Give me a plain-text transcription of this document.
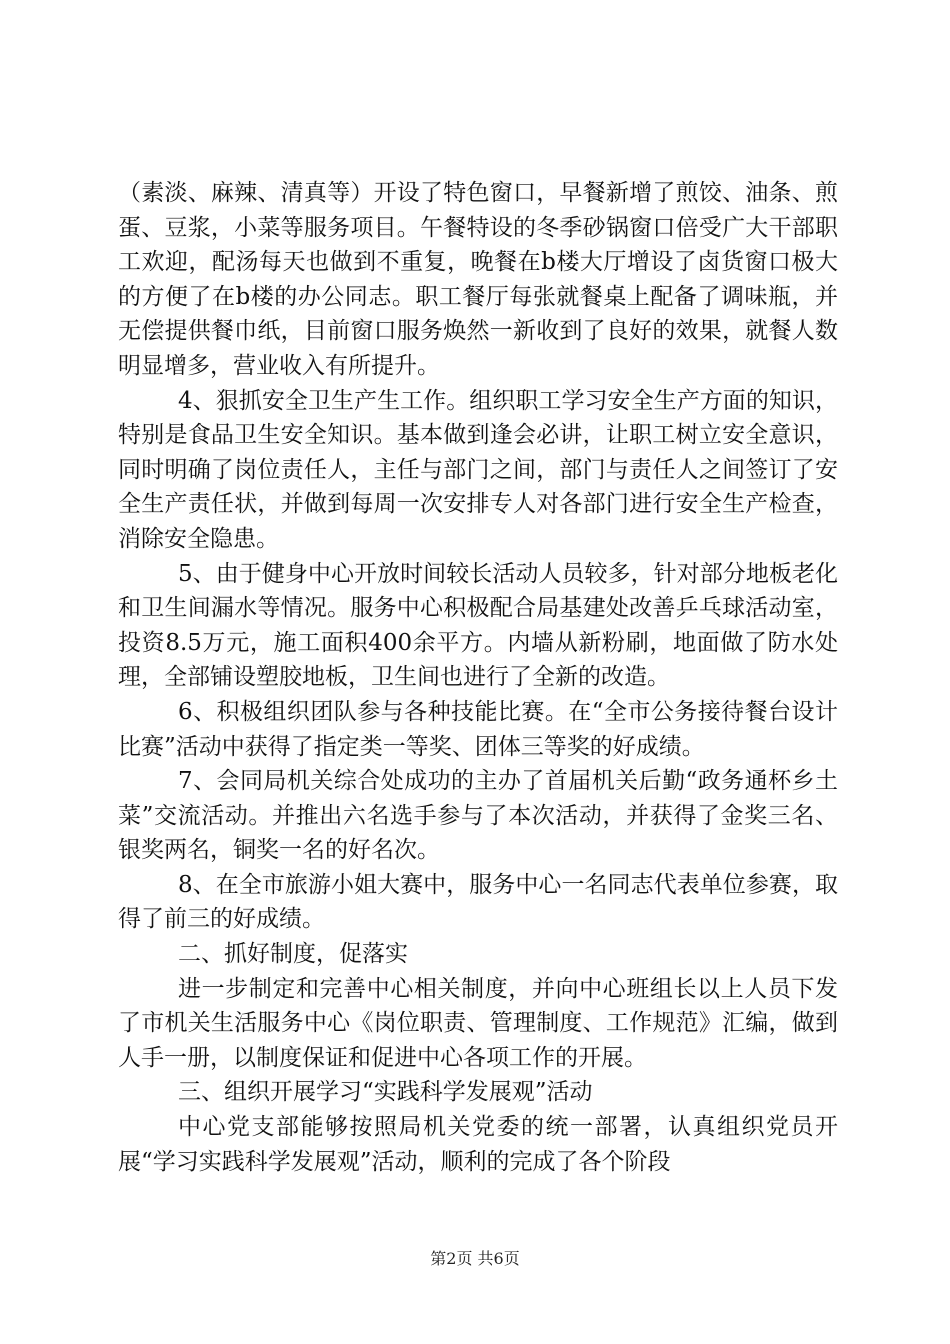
（素淡、麻辣、清真等）开设了特色窗口，早餐新增了煎饺、油条、煎蛋、豆浆，小菜等服务项目。午餐特设的冬季砂锅窗口倍受广大干部职工欢迎，配汤每天也做到不重复，晚餐在b楼大厅增设了卤货窗口极大的方便了在b楼的办公同志。职工餐厅每张就餐桌上配备了调味瓶，并无偿提供餐巾纸，目前窗口服务焕然一新收到了良好的效果，就餐人数明显增多，营业收入有所提升。

4、狠抓安全卫生产生工作。组织职工学习安全生产方面的知识，特别是食品卫生安全知识。基本做到逢会必讲，让职工树立安全意识，同时明确了岗位责任人，主任与部门之间，部门与责任人之间签订了安全生产责任状，并做到每周一次安排专人对各部门进行安全生产检查，消除安全隐患。

5、由于健身中心开放时间较长活动人员较多，针对部分地板老化和卫生间漏水等情况。服务中心积极配合局基建处改善乒乓球活动室，投资8.5万元，施工面积400余平方。内墙从新粉刷，地面做了防水处理，全部铺设塑胶地板，卫生间也进行了全新的改造。

6、积极组织团队参与各种技能比赛。在“全市公务接待餐台设计比赛”活动中获得了指定类一等奖、团体三等奖的好成绩。

7、会同局机关综合处成功的主办了首届机关后勤“政务通杯乡土菜”交流活动。并推出六名选手参与了本次活动，并获得了金奖三名、银奖两名，铜奖一名的好名次。

8、在全市旅游小姐大赛中，服务中心一名同志代表单位参赛，取得了前三的好成绩。

二、抓好制度，促落实

进一步制定和完善中心相关制度，并向中心班组长以上人员下发了市机关生活服务中心《岗位职责、管理制度、工作规范》汇编，做到人手一册，以制度保证和促进中心各项工作的开展。

三、组织开展学习“实践科学发展观”活动

中心党支部能够按照局机关党委的统一部署，认真组织党员开展“学习实践科学发展观”活动，顺利的完成了各个阶段

第2页 共6页
